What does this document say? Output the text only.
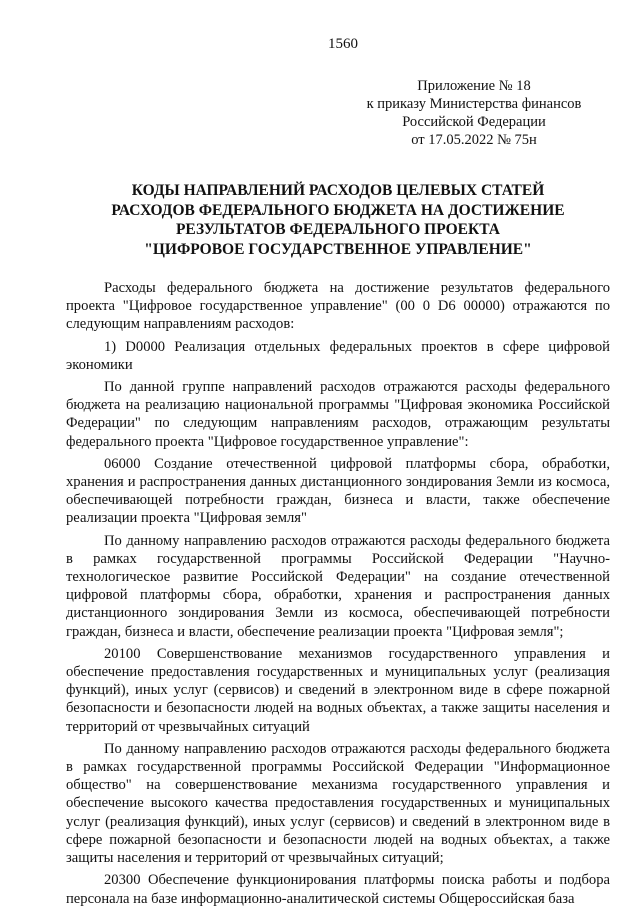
1560
Приложение № 18
к приказу Министерства финансов
Российской Федерации
от 17.05.2022 № 75н
КОДЫ НАПРАВЛЕНИЙ РАСХОДОВ ЦЕЛЕВЫХ СТАТЕЙ
РАСХОДОВ ФЕДЕРАЛЬНОГО БЮДЖЕТА НА ДОСТИЖЕНИЕ
РЕЗУЛЬТАТОВ ФЕДЕРАЛЬНОГО ПРОЕКТА
"ЦИФРОВОЕ ГОСУДАРСТВЕННОЕ УПРАВЛЕНИЕ"

Расходы федерального бюджета на достижение результатов федерального проекта "Цифровое государственное управление" (00 0 D6 00000) отражаются по следующим направлениям расходов:

1) D0000 Реализация отдельных федеральных проектов в сфере цифровой экономики

По данной группе направлений расходов отражаются расходы федерального бюджета на реализацию национальной программы "Цифровая экономика Российской Федерации" по следующим направлениям расходов, отражающим результаты федерального проекта "Цифровое государственное управление":

06000 Создание отечественной цифровой платформы сбора, обработки, хранения и распространения данных дистанционного зондирования Земли из космоса, обеспечивающей потребности граждан, бизнеса и власти, также обеспечение реализации проекта "Цифровая земля"

По данному направлению расходов отражаются расходы федерального бюджета в рамках государственной программы Российской Федерации "Научно-технологическое развитие Российской Федерации" на создание отечественной цифровой платформы сбора, обработки, хранения и распространения данных дистанционного зондирования Земли из космоса, обеспечивающей потребности граждан, бизнеса и власти, обеспечение реализации проекта "Цифровая земля";

20100 Совершенствование механизмов государственного управления и обеспечение предоставления государственных и муниципальных услуг (реализация функций), иных услуг (сервисов) и сведений в электронном виде в сфере пожарной безопасности и безопасности людей на водных объектах, а также защиты населения и территорий от чрезвычайных ситуаций

По данному направлению расходов отражаются расходы федерального бюджета в рамках государственной программы Российской Федерации "Информационное общество" на совершенствование механизма государственного управления и обеспечение высокого качества предоставления государственных и муниципальных услуг (реализация функций), иных услуг (сервисов) и сведений в электронном виде в сфере пожарной безопасности и безопасности людей на водных объектах, а также защиты населения и территорий от чрезвычайных ситуаций;

20300 Обеспечение функционирования платформы поиска работы и подбора персонала на базе информационно-аналитической системы Общероссийская база
